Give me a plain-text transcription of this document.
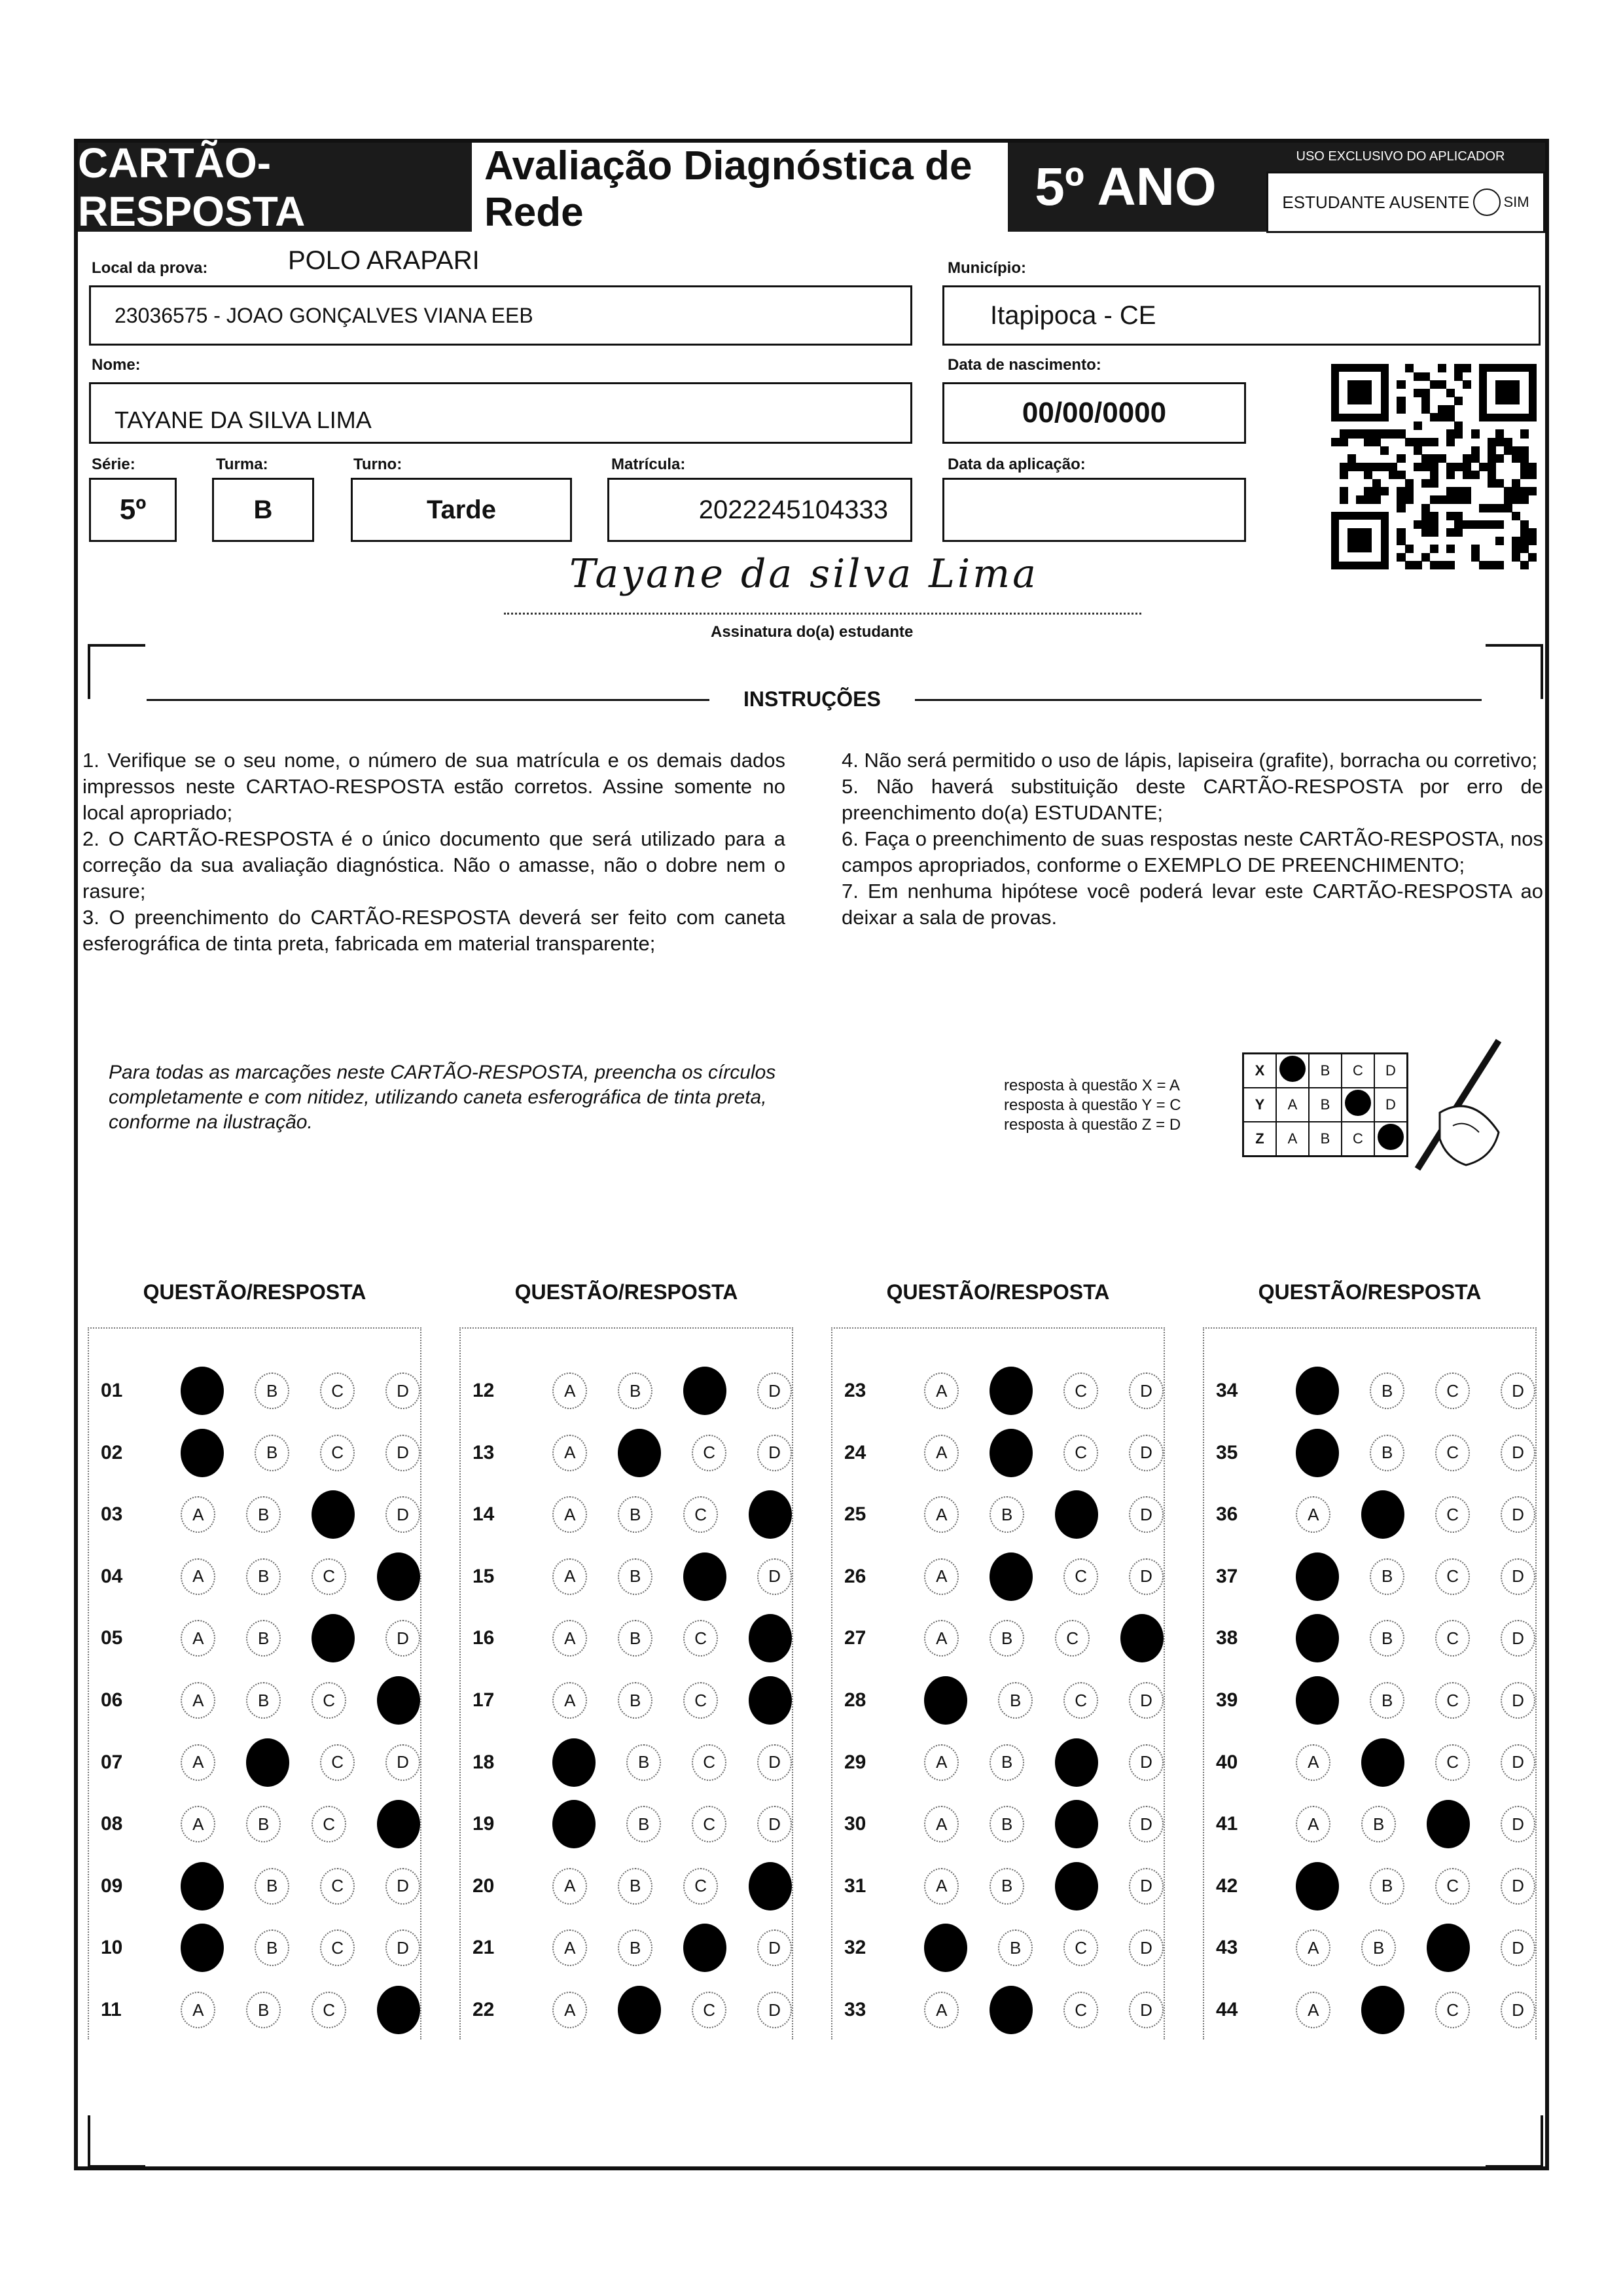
CARTÃO-RESPOSTA
Avaliação Diagnóstica de Rede	5º ANO
USO EXCLUSIVO DO APLICADOR
ESTUDANTE AUSENTE SIM
Local da prova:	POLO ARAPARI
23036575 - JOAO GONÇALVES VIANA EEB
Município:
Itapipoca - CE
Nome:
TAYANE DA SILVA LIMA
Data de nascimento:
00/00/0000
Série:
5º
Turma:
B
Turno:
Tarde
Matrícula:
2022245104333
Data da aplicação:
Tayane da silva Lima
Assinatura do(a) estudante
INSTRUÇÕES

1. Verifique se o seu nome, o número de sua matrícula e os demais dados impressos neste CARTAO-RESPOSTA estão corretos. Assine somente no local apropriado;

2. O CARTÃO-RESPOSTA é o único documento que será utilizado para a correção da sua avaliação diagnóstica. Não o amasse, não o dobre nem o rasure;

3. O preenchimento do CARTÃO-RESPOSTA deverá ser feito com caneta esferográfica de tinta preta, fabricada em material transparente;

4. Não será permitido o uso de lápis, lapiseira (grafite), borracha ou corretivo;

5. Não haverá substituição deste CARTÃO-RESPOSTA por erro de preenchimento do(a) ESTUDANTE;

6. Faça o preenchimento de suas respostas neste CARTÃO-RESPOSTA, nos campos apropriados, conforme o EXEMPLO DE PREENCHIMENTO;

7. Em nenhuma hipótese você poderá levar este CARTÃO-RESPOSTA ao deixar a sala de provas.

Para todas as marcações neste CARTÃO-RESPOSTA, preencha os círculos completamente e com nitidez, utilizando caneta esferográfica de tinta preta, conforme na ilustração.
resposta à questão X = A
resposta à questão Y = C
resposta à questão Z = D
X		B	C	D
Y	A	B		D
Z	A	B	C	
QUESTÃO/RESPOSTA
01	B	C	D
02	B	C	D
03	A	B	D
04	A	B	C
05	A	B	D
06	A	B	C
07	A	C	D
08	A	B	C
09	B	C	D
10	B	C	D
11	A	B	C
QUESTÃO/RESPOSTA
12	A	B	D
13	A	C	D
14	A	B	C
15	A	B	D
16	A	B	C
17	A	B	C
18	B	C	D
19	B	C	D
20	A	B	C
21	A	B	D
22	A	C	D
QUESTÃO/RESPOSTA
23	A	C	D
24	A	C	D
25	A	B	D
26	A	C	D
27	A	B	C
28	B	C	D
29	A	B	D
30	A	B	D
31	A	B	D
32	B	C	D
33	A	C	D
QUESTÃO/RESPOSTA
34	B	C	D
35	B	C	D
36	A	C	D
37	B	C	D
38	B	C	D
39	B	C	D
40	A	C	D
41	A	B	D
42	B	C	D
43	A	B	D
44	A	C	D
